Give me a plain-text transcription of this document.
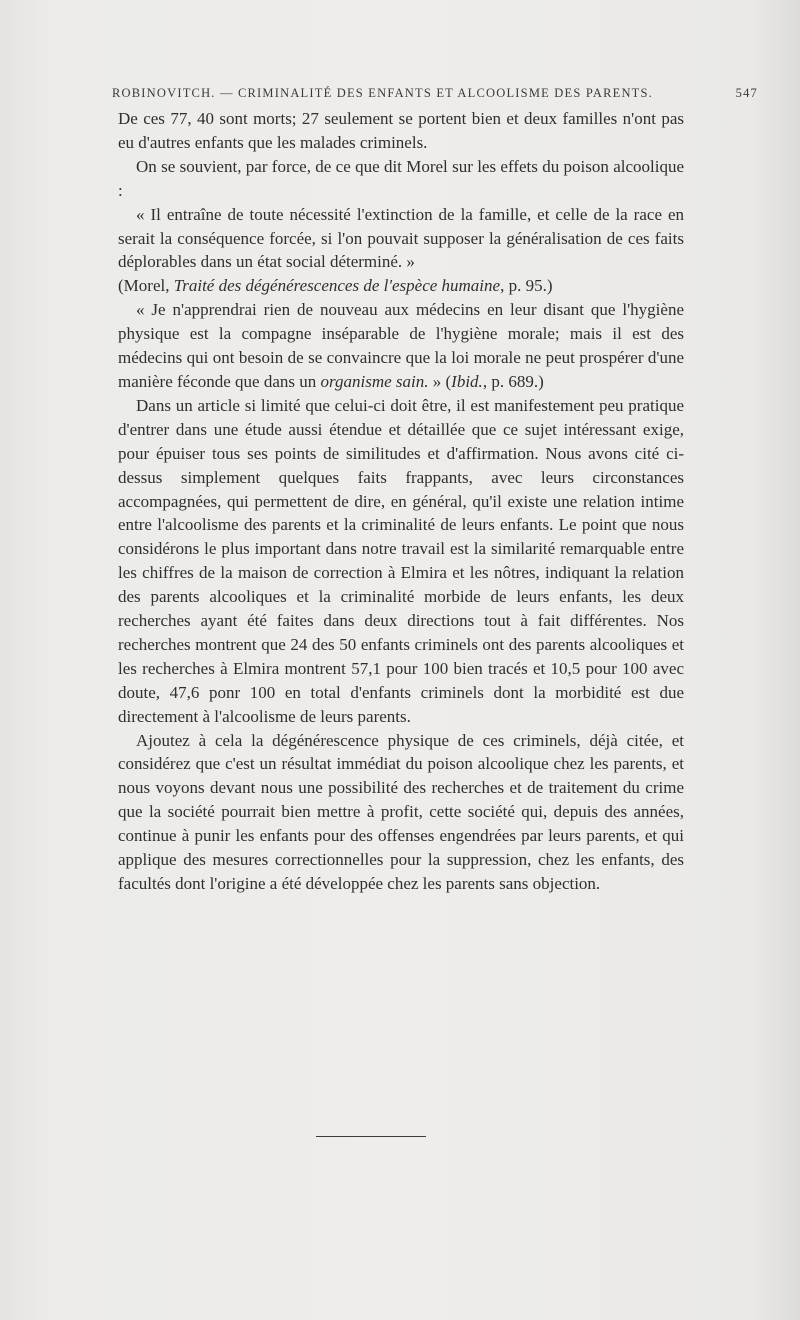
ROBINOVITCH. — CRIMINALITÉ DES ENFANTS ET ALCOOLISME DES PARENTS.	547

De ces 77, 40 sont morts; 27 seulement se portent bien et deux familles n'ont pas eu d'autres enfants que les malades criminels.

On se souvient, par force, de ce que dit Morel sur les effets du poison alcoolique :

« Il entraîne de toute nécessité l'extinction de la famille, et celle de la race en serait la conséquence forcée, si l'on pouvait supposer la généralisation de ces faits déplorables dans un état social déterminé. »
(Morel, Traité des dégénérescences de l'espèce humaine, p. 95.)

« Je n'apprendrai rien de nouveau aux médecins en leur disant que l'hygiène physique est la compagne inséparable de l'hygiène morale; mais il est des médecins qui ont besoin de se convaincre que la loi morale ne peut prospérer d'une manière féconde que dans un organisme sain. » (Ibid., p. 689.)

Dans un article si limité que celui-ci doit être, il est manifestement peu pratique d'entrer dans une étude aussi étendue et détaillée que ce sujet intéressant exige, pour épuiser tous ses points de similitudes et d'affirmation. Nous avons cité ci-dessus simplement quelques faits frappants, avec leurs circonstances accompagnées, qui permettent de dire, en général, qu'il existe une relation intime entre l'alcoolisme des parents et la criminalité de leurs enfants. Le point que nous considérons le plus important dans notre travail est la similarité remarquable entre les chiffres de la maison de correction à Elmira et les nôtres, indiquant la relation des parents alcooliques et la criminalité morbide de leurs enfants, les deux recherches ayant été faites dans deux directions tout à fait différentes. Nos recherches montrent que 24 des 50 enfants criminels ont des parents alcooliques et les recherches à Elmira montrent 57,1 pour 100 bien tracés et 10,5 pour 100 avec doute, 47,6 ponr 100 en total d'enfants criminels dont la morbidité est due directement à l'alcoolisme de leurs parents.

Ajoutez à cela la dégénérescence physique de ces criminels, déjà citée, et considérez que c'est un résultat immédiat du poison alcoolique chez les parents, et nous voyons devant nous une possibilité des recherches et de traitement du crime que la société pourrait bien mettre à profit, cette société qui, depuis des années, continue à punir les enfants pour des offenses engendrées par leurs parents, et qui applique des mesures correctionnelles pour la suppression, chez les enfants, des facultés dont l'origine a été développée chez les parents sans objection.
